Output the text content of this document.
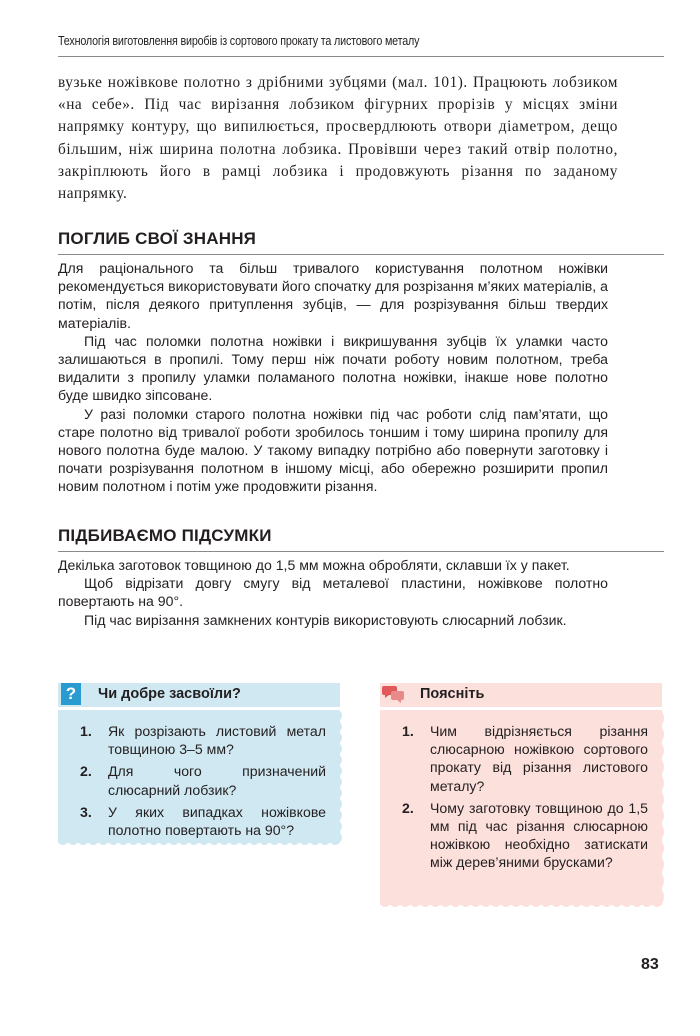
Технологія виготовлення виробів із сортового прокату та листового металу

вузьке ножівкове полотно з дрібними зубцями (мал. 101). Працюють лобзиком «на себе». Під час вирізання лобзиком фігурних прорізів у місцях зміни напрямку контуру, що випилюється, просвердлюють отвори діаметром, дещо більшим, ніж ширина полотна лобзика. Провівши через такий отвір полотно, закріплюють його в рамці лобзика і продовжують різання по заданому напрямку.

ПОГЛИБ СВОЇ ЗНАННЯ

Для раціонального та більш тривалого користування полотном ножівки рекомендується використовувати його спочатку для розрізання м’яких матеріалів, а потім, після деякого притуплення зубців, — для розрізування більш твердих матеріалів.

Під час поломки полотна ножівки і викришування зубців їх уламки часто залишаються в пропилі. Тому перш ніж почати роботу новим полотном, треба видалити з пропилу уламки поламаного полотна ножівки, інакше нове полотно буде швидко зіпсоване.

У разі поломки старого полотна ножівки під час роботи слід пам’ятати, що старе полотно від тривалої роботи зробилось тоншим і тому ширина пропилу для нового полотна буде малою. У такому випадку потрібно або повернути заготовку і почати розрізування полотном в іншому місці, або обережно розширити пропил новим полотном і потім уже продовжити різання.

ПІДБИВАЄМО ПІДСУМКИ

Декілька заготовок товщиною до 1,5 мм можна обробляти, склавши їх у пакет.

Щоб відрізати довгу смугу від металевої пластини, ножівкове полотно повертають на 90°.

Під час вирізання замкнених контурів використовують слюсарний лобзик.

?	Чи добре засвоїли?
1. Як розрізають листовий метал товщиною 3–5 мм?
2. Для чого призначений слюсарний лобзик?
3. У яких випадках ножівкове полотно повертають на 90°?
Поясніть
1. Чим відрізняється різання слюсарною ножівкою сортового прокату від різання листового металу?
2. Чому заготовку товщиною до 1,5 мм під час різання слюсарною ножівкою необхідно затискати між дерев’яними брусками?
83
